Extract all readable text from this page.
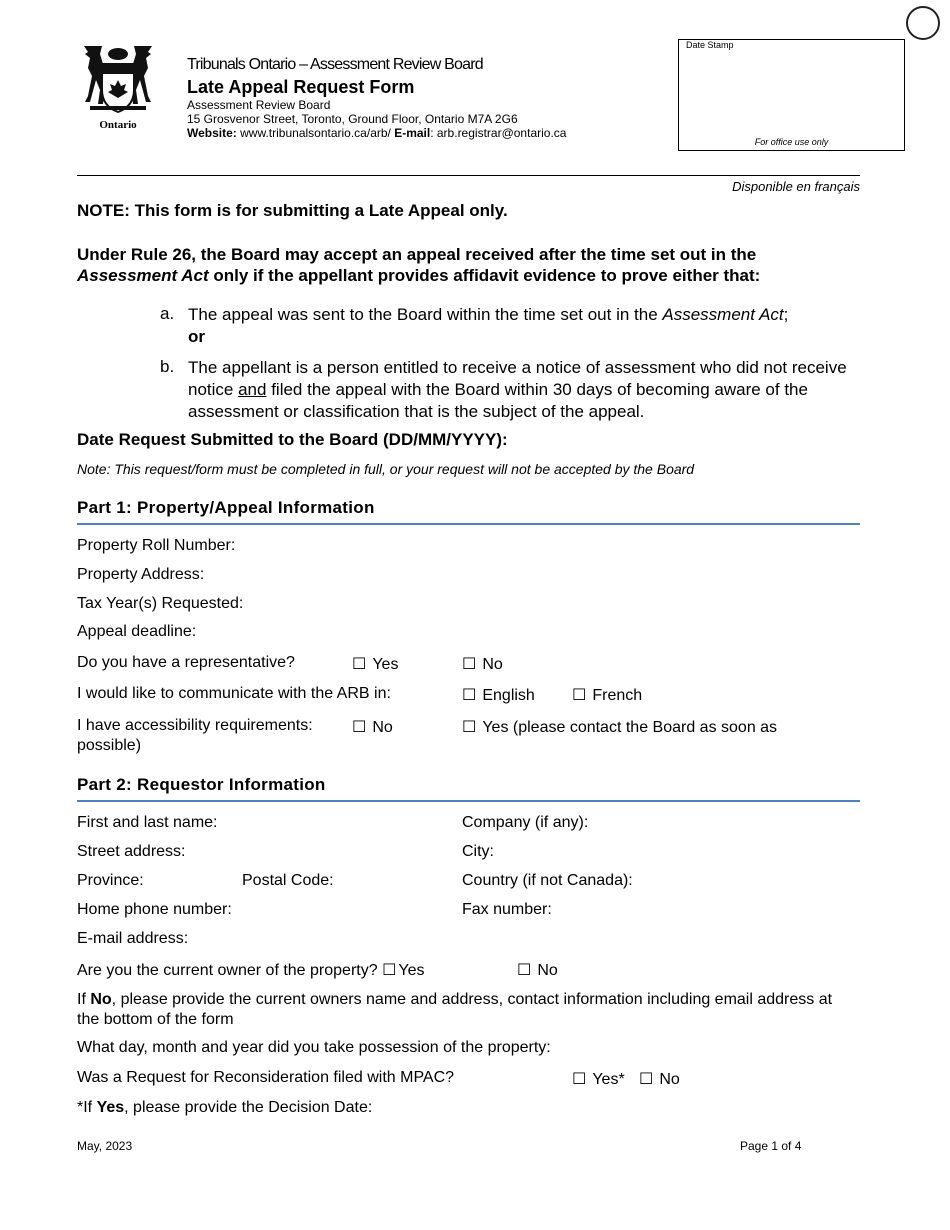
Ontario
Tribunals Ontario – Assessment Review Board
Late Appeal Request Form
Assessment Review Board
15 Grosvenor Street, Toronto, Ground Floor, Ontario M7A 2G6
Website: www.tribunalsontario.ca/arb/ E-mail: arb.registrar@ontario.ca
Date Stamp
For office use only
Disponible en français
NOTE: This form is for submitting a Late Appeal only.
Under Rule 26, the Board may accept an appeal received after the time set out in the
Assessment Act only if the appellant provides affidavit evidence to prove either that:
a. The appeal was sent to the Board within the time set out in the Assessment Act;
or
b. The appellant is a person entitled to receive a notice of assessment who did not receive notice and filed the appeal with the Board within 30 days of becoming aware of the assessment or classification that is the subject of the appeal.
Date Request Submitted to the Board (DD/MM/YYYY):
Note: This request/form must be completed in full, or your request will not be accepted by the Board
Part 1: Property/Appeal Information
Property Roll Number:
Property Address:
Tax Year(s) Requested:
Appeal deadline:
Do you have a representative?	☐ Yes	☐ No
I would like to communicate with the ARB in:	☐ English ☐ French
I have accessibility requirements: ☐ No	☐ Yes (please contact the Board as soon as
possible)
Part 2: Requestor Information
First and last name:	Company (if any):
Street address:	City:
Province:	Postal Code:	Country (if not Canada):
Home phone number:	Fax number:
E-mail address:
Are you the current owner of the property? ☐ Yes	☐ No
If No, please provide the current owners name and address, contact information including email address at the bottom of the form
What day, month and year did you take possession of the property:
Was a Request for Reconsideration filed with MPAC?	☐ Yes* ☐ No
*If Yes, please provide the Decision Date:
May, 2023	Page 1 of 4
